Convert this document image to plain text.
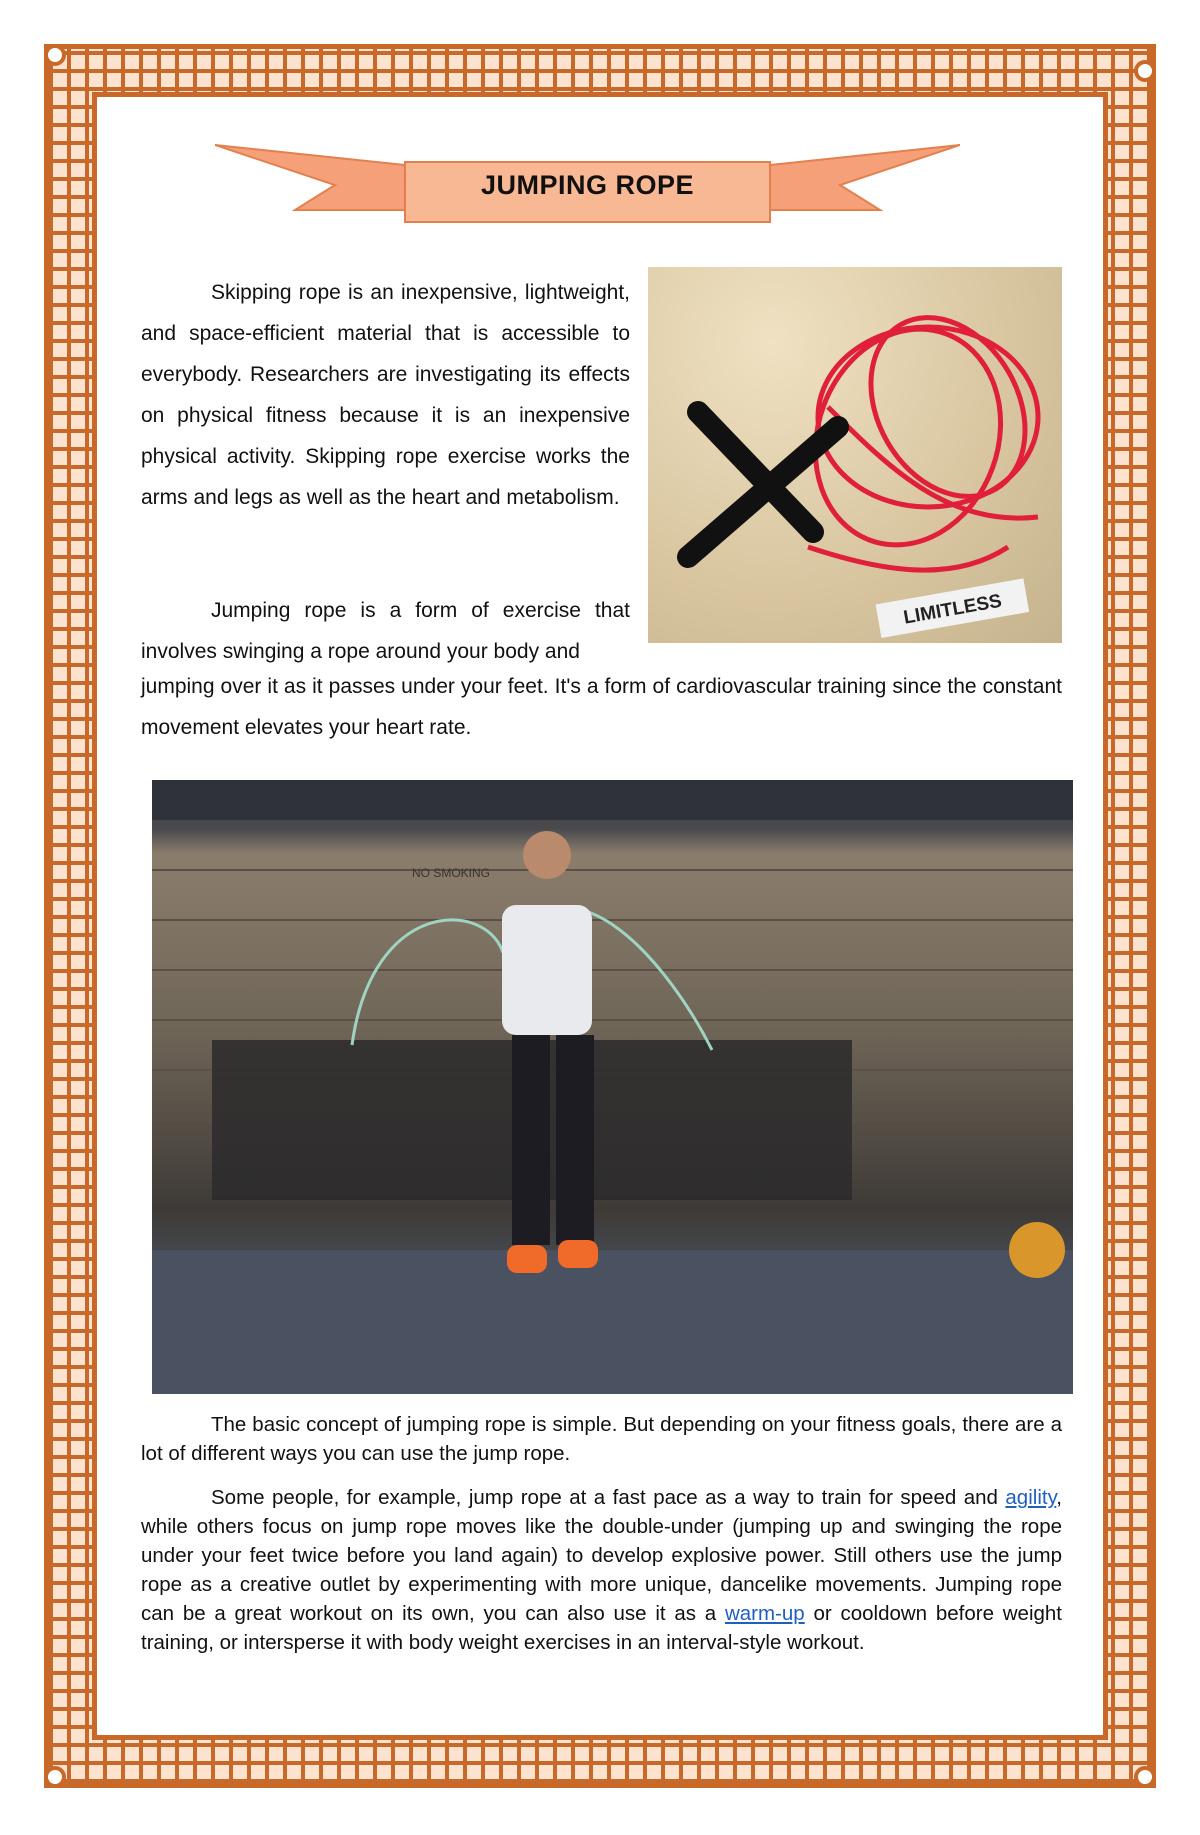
JUMPING ROPE

Skipping rope is an inexpensive, lightweight, and space-efficient material that is accessible to everybody. Researchers are investigating its effects on physical fitness because it is an inexpensive physical activity. Skipping rope exercise works the arms and legs as well as the heart and metabolism.

LIMITLESS

Jumping rope is a form of exercise that involves swinging a rope around your body and

jumping over it as it passes under your feet. It's a form of cardiovascular training since the constant movement elevates your heart rate.

NO SMOKING

The basic concept of jumping rope is simple. But depending on your fitness goals, there are a lot of different ways you can use the jump rope.

Some people, for example, jump rope at a fast pace as a way to train for speed and agility, while others focus on jump rope moves like the double-under (jumping up and swinging the rope under your feet twice before you land again) to develop explosive power. Still others use the jump rope as a creative outlet by experimenting with more unique, dancelike movements. Jumping rope can be a great workout on its own, you can also use it as a warm-up or cooldown before weight training, or intersperse it with body weight exercises in an interval-style workout.
